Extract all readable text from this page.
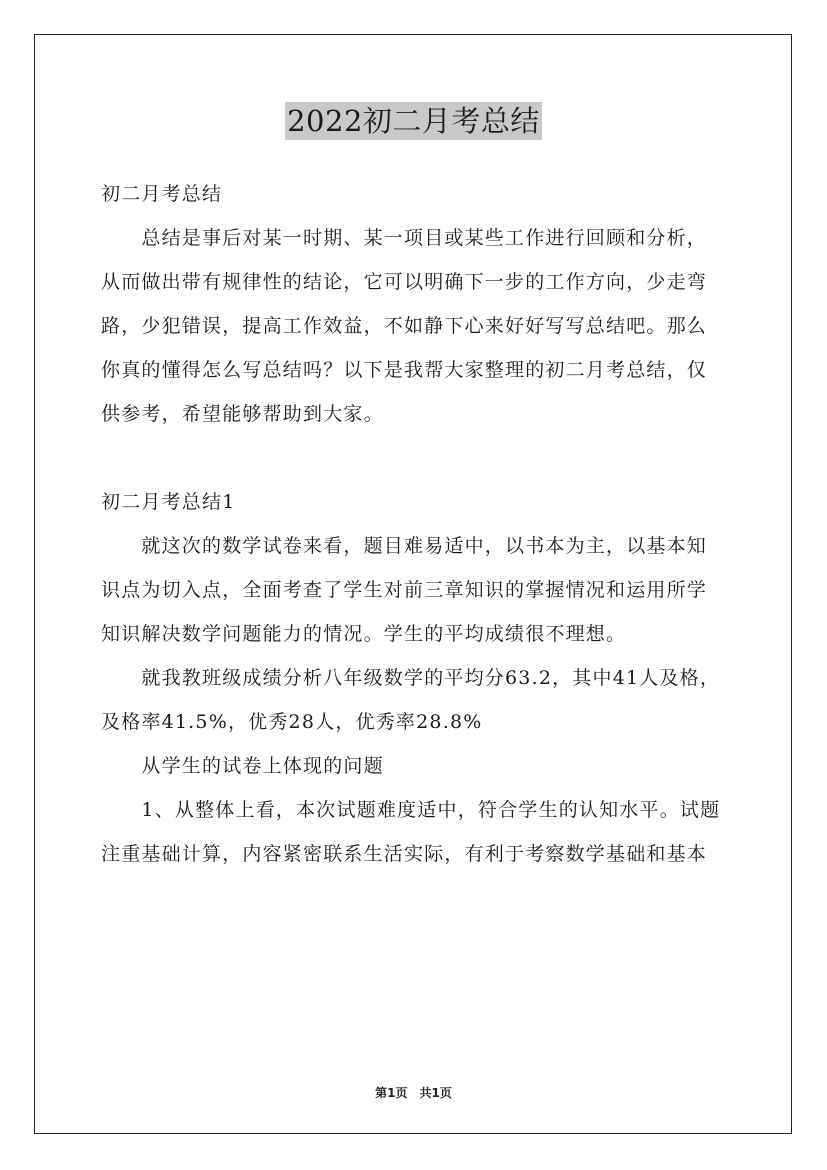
2022初二月考总结
初二月考总结
　　总结是事后对某一时期、某一项目或某些工作进行回顾和分析，
从而做出带有规律性的结论，它可以明确下一步的工作方向，少走弯
路，少犯错误，提高工作效益，不如静下心来好好写写总结吧。那么
你真的懂得怎么写总结吗？以下是我帮大家整理的初二月考总结，仅
供参考，希望能够帮助到大家。
初二月考总结1
　　就这次的数学试卷来看，题目难易适中，以书本为主，以基本知
识点为切入点，全面考查了学生对前三章知识的掌握情况和运用所学
知识解决数学问题能力的情况。学生的平均成绩很不理想。
　　就我教班级成绩分析八年级数学的平均分63.2，其中41人及格，
及格率41.5%，优秀28人，优秀率28.8%
　　从学生的试卷上体现的问题
　　1、从整体上看，本次试题难度适中，符合学生的认知水平。试题
注重基础计算，内容紧密联系生活实际，有利于考察数学基础和基本
第1页　共1页
